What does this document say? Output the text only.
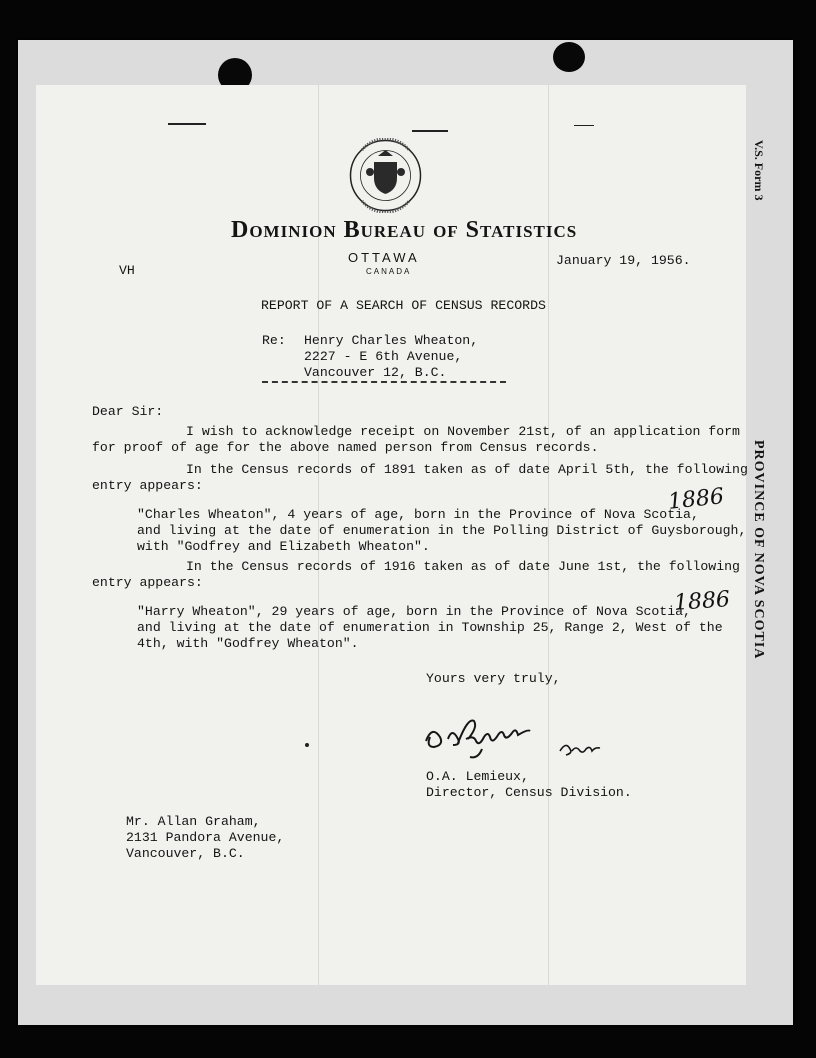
V.S. Form 3
PROVINCE OF NOVA SCOTIA
Dominion Bureau of Statistics
OTTAWA
CANADA
VH
January 19, 1956.
REPORT OF A SEARCH OF CENSUS RECORDS
Re: Henry Charles Wheaton,
2227 - E 6th Avenue,
Vancouver 12, B.C.
Dear Sir:
I wish to acknowledge receipt on November 21st, of an application form
for proof of age for the above named person from Census records.
In the Census records of 1891 taken as of date April 5th, the following
entry appears:
"Charles Wheaton", 4 years of age, born in the Province of Nova Scotia,
and living at the date of enumeration in the Polling District of Guysborough,
with "Godfrey and Elizabeth Wheaton".
1886
In the Census records of 1916 taken as of date June 1st, the following
entry appears:
"Harry Wheaton", 29 years of age, born in the Province of Nova Scotia,
and living at the date of enumeration in Township 25, Range 2, West of the
4th, with "Godfrey Wheaton".
1886
Yours very truly,
O.A. Lemieux,
Director, Census Division.
Mr. Allan Graham,
2131 Pandora Avenue,
Vancouver, B.C.
